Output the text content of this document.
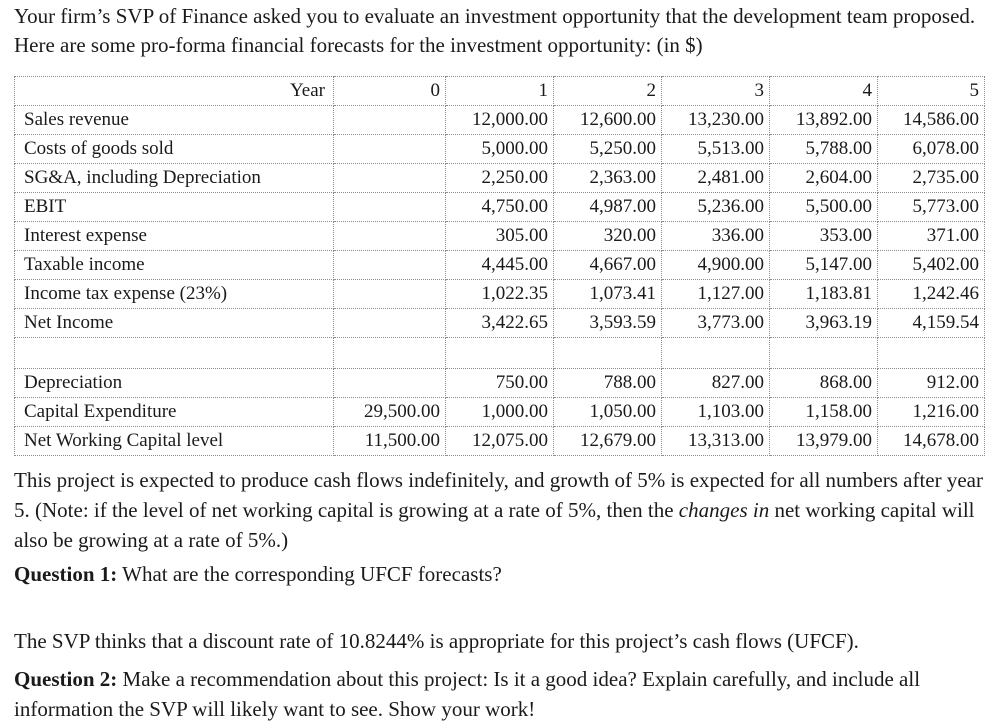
Your firm’s SVP of Finance asked you to evaluate an investment opportunity that the development team proposed. Here are some pro-forma financial forecasts for the investment opportunity: (in $)

Year	0	1	2	3	4	5
Sales revenue		12,000.00	12,600.00	13,230.00	13,892.00	14,586.00
Costs of goods sold		5,000.00	5,250.00	5,513.00	5,788.00	6,078.00
SG&A, including Depreciation		2,250.00	2,363.00	2,481.00	2,604.00	2,735.00
EBIT		4,750.00	4,987.00	5,236.00	5,500.00	5,773.00
Interest expense		305.00	320.00	336.00	353.00	371.00
Taxable income		4,445.00	4,667.00	4,900.00	5,147.00	5,402.00
Income tax expense (23%)		1,022.35	1,073.41	1,127.00	1,183.81	1,242.46
Net Income		3,422.65	3,593.59	3,773.00	3,963.19	4,159.54

Depreciation		750.00	788.00	827.00	868.00	912.00
Capital Expenditure	29,500.00	1,000.00	1,050.00	1,103.00	1,158.00	1,216.00
Net Working Capital level	11,500.00	12,075.00	12,679.00	13,313.00	13,979.00	14,678.00

This project is expected to produce cash flows indefinitely, and growth of 5% is expected for all numbers after year 5. (Note: if the level of net working capital is growing at a rate of 5%, then the changes in net working capital will also be growing at a rate of 5%.)

Question 1: What are the corresponding UFCF forecasts?

The SVP thinks that a discount rate of 10.8244% is appropriate for this project’s cash flows (UFCF).

Question 2: Make a recommendation about this project: Is it a good idea? Explain carefully, and include all information the SVP will likely want to see. Show your work!
